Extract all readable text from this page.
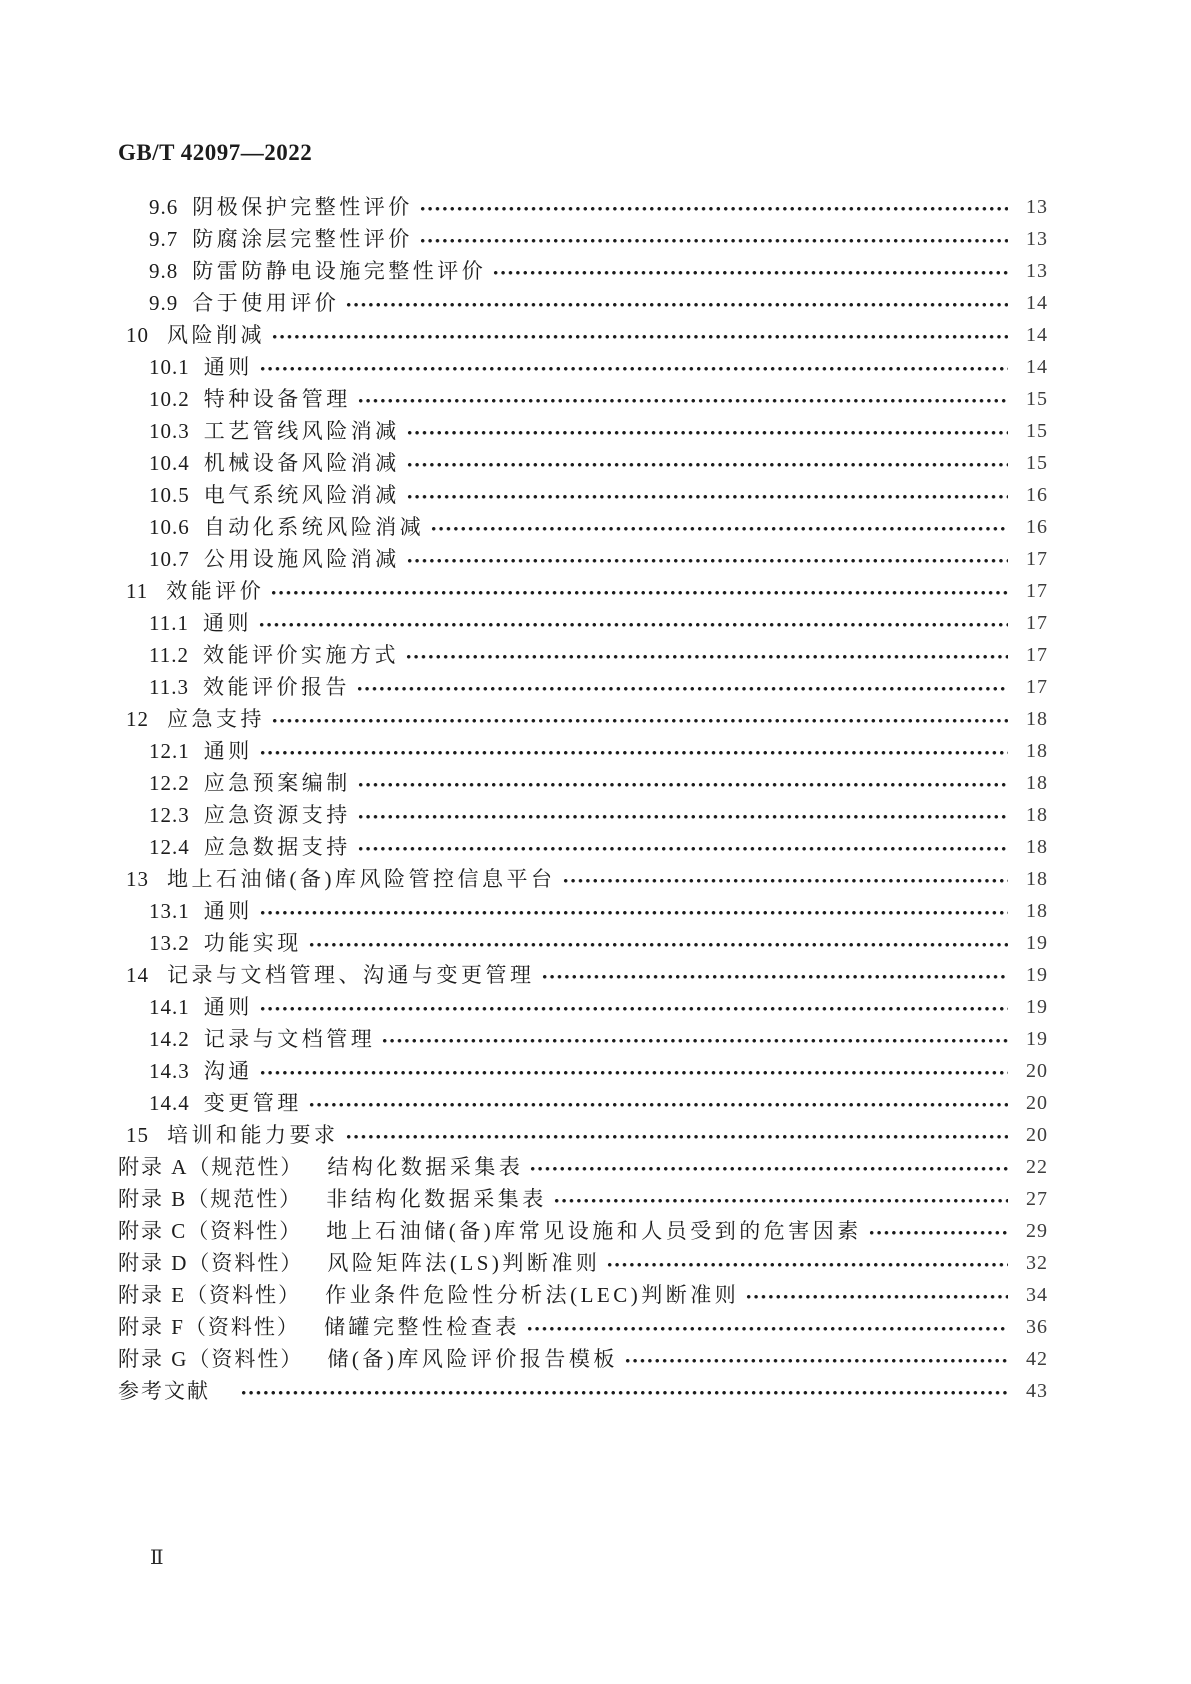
GB/T 42097—2022
9.6 阴极保护完整性评价	13
9.7 防腐涂层完整性评价	13
9.8 防雷防静电设施完整性评价	13
9.9 合于使用评价	14
10 风险削减	14
10.1 通则	14
10.2 特种设备管理	15
10.3 工艺管线风险消减	15
10.4 机械设备风险消减	15
10.5 电气系统风险消减	16
10.6 自动化系统风险消减	16
10.7 公用设施风险消减	17
11 效能评价	17
11.1 通则	17
11.2 效能评价实施方式	17
11.3 效能评价报告	17
12 应急支持	18
12.1 通则	18
12.2 应急预案编制	18
12.3 应急资源支持	18
12.4 应急数据支持	18
13 地上石油储(备)库风险管控信息平台	18
13.1 通则	18
13.2 功能实现	19
14 记录与文档管理、沟通与变更管理	19
14.1 通则	19
14.2 记录与文档管理	19
14.3 沟通	20
14.4 变更管理	20
15 培训和能力要求	20
附录 A（规范性） 结构化数据采集表	22
附录 B（规范性） 非结构化数据采集表	27
附录 C（资料性） 地上石油储(备)库常见设施和人员受到的危害因素	29
附录 D（资料性） 风险矩阵法(LS)判断准则	32
附录 E（资料性） 作业条件危险性分析法(LEC)判断准则	34
附录 F（资料性） 储罐完整性检查表	36
附录 G（资料性） 储(备)库风险评价报告模板	42
参考文献	43
Ⅱ
